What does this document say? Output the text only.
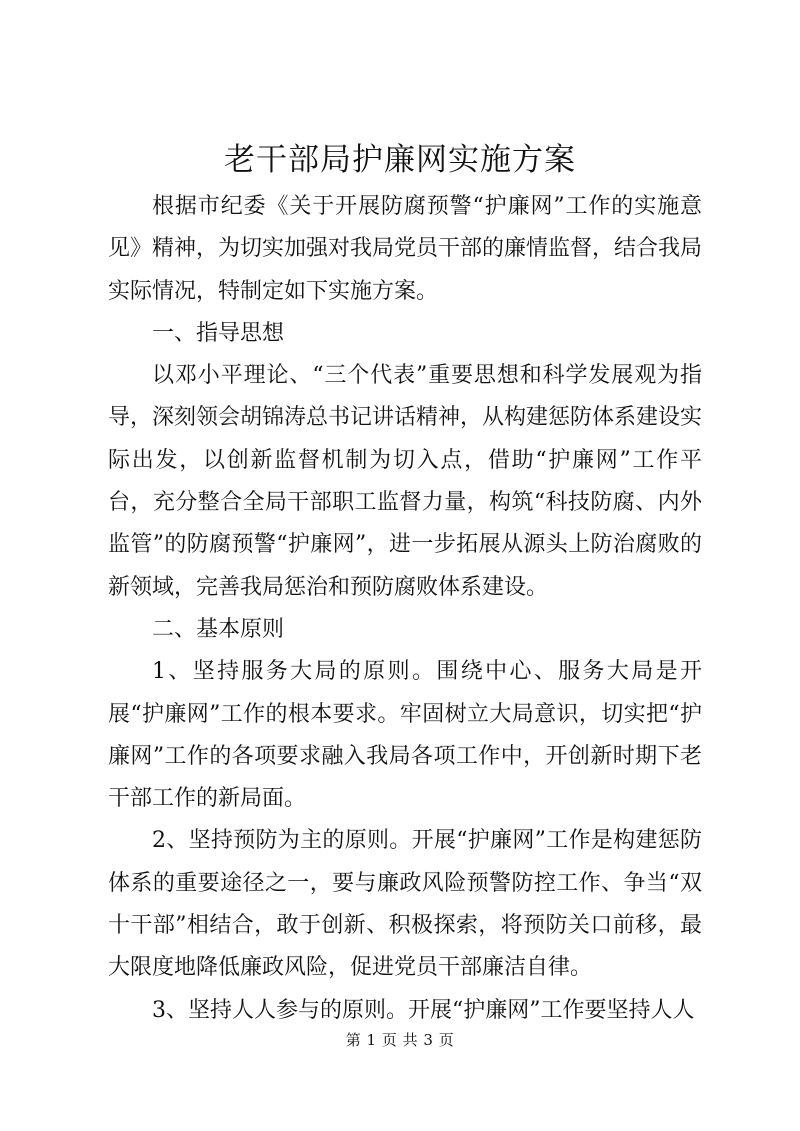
老干部局护廉网实施方案

根据市纪委《关于开展防腐预警“护廉网”工作的实施意见》精神，为切实加强对我局党员干部的廉情监督，结合我局实际情况，特制定如下实施方案。

一、指导思想

以邓小平理论、“三个代表”重要思想和科学发展观为指导，深刻领会胡锦涛总书记讲话精神，从构建惩防体系建设实际出发，以创新监督机制为切入点，借助“护廉网”工作平台，充分整合全局干部职工监督力量，构筑“科技防腐、内外监管”的防腐预警“护廉网”，进一步拓展从源头上防治腐败的新领域，完善我局惩治和预防腐败体系建设。

二、基本原则

1、坚持服务大局的原则。围绕中心、服务大局是开展“护廉网”工作的根本要求。牢固树立大局意识，切实把“护廉网”工作的各项要求融入我局各项工作中，开创新时期下老干部工作的新局面。

2、坚持预防为主的原则。开展“护廉网”工作是构建惩防体系的重要途径之一，要与廉政风险预警防控工作、争当“双十干部”相结合，敢于创新、积极探索，将预防关口前移，最大限度地降低廉政风险，促进党员干部廉洁自律。

3、坚持人人参与的原则。开展“护廉网”工作要坚持人人

第 1 页 共 3 页
